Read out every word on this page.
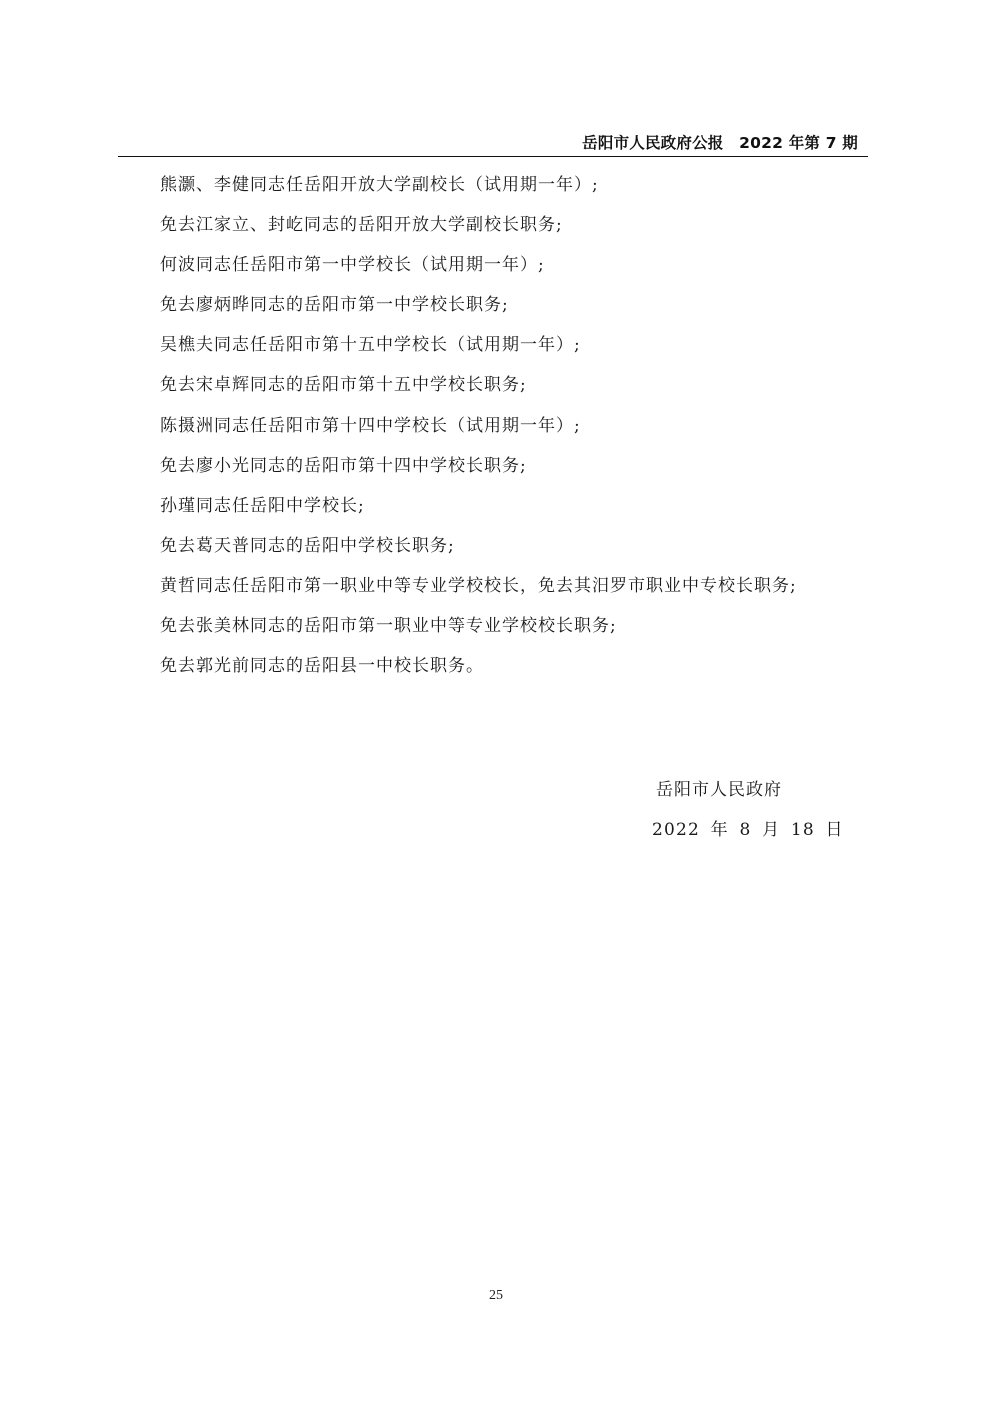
岳阳市人民政府公报　2022 年第 7 期
熊灏、李健同志任岳阳开放大学副校长（试用期一年）;
免去江家立、封屹同志的岳阳开放大学副校长职务;
何波同志任岳阳市第一中学校长（试用期一年）;
免去廖炳晔同志的岳阳市第一中学校长职务;
吴樵夫同志任岳阳市第十五中学校长（试用期一年）;
免去宋卓辉同志的岳阳市第十五中学校长职务;
陈摄洲同志任岳阳市第十四中学校长（试用期一年）;
免去廖小光同志的岳阳市第十四中学校长职务;
孙瑾同志任岳阳中学校长;
免去葛天普同志的岳阳中学校长职务;
黄哲同志任岳阳市第一职业中等专业学校校长，免去其汨罗市职业中专校长职务;
免去张美林同志的岳阳市第一职业中等专业学校校长职务;
免去郭光前同志的岳阳县一中校长职务。
岳阳市人民政府
2022 年 8 月 18 日
25
